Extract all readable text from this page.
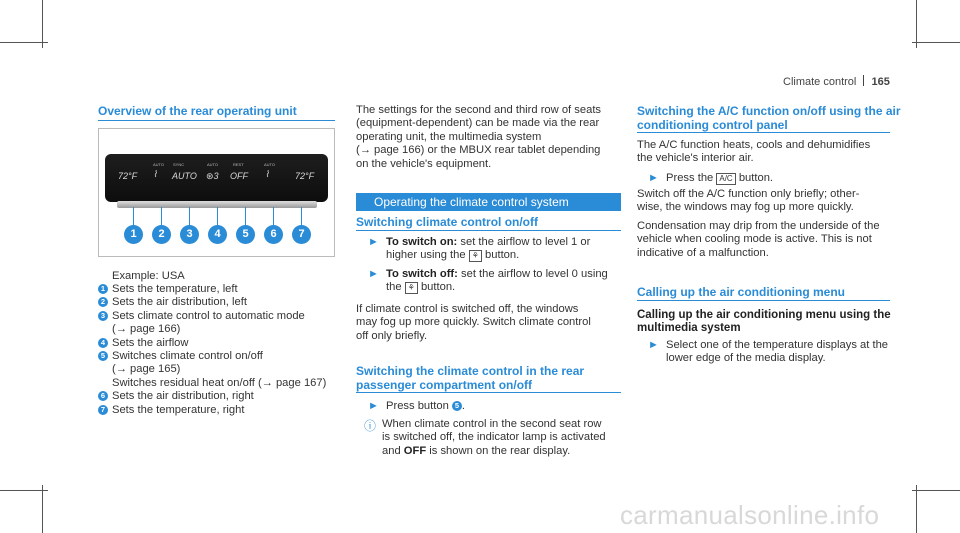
Climate control 165
Overview of the rear operating unit
72°F
AUTO
⌇
SYNC
AUTO
AUTO
⊛3
REST
OFF
AUTO
⌇	72°F
1	2	3	4	5	6	7
Example: USA
1 Sets the temperature, left
2 Sets the air distribution, left
3 Sets climate control to automatic mode
(→ page 166)
4 Sets the airflow
5 Switches climate control on/off
(→ page 165)
Switches residual heat on/off (→ page 167)
6 Sets the air distribution, right
7 Sets the temperature, right
The settings for the second and third row of seats
(equipment-dependent) can be made via the rear
operating unit, the multimedia system
(→ page 166) or the MBUX rear tablet depending
on the vehicle's equipment.
Operating the climate control system
Switching climate control on/off
► To switch on: set the airflow to level 1 or
higher using the ⚘ button.
► To switch off: set the airflow to level 0 using
the ⚘ button.
If climate control is switched off, the windows
may fog up more quickly. Switch climate control
off only briefly.
Switching the climate control in the rear
passenger compartment on/off
► Press button 5 .
ⓘ When climate control in the second seat row
is switched off, the indicator lamp is activated
and OFF is shown on the rear display.
Switching the A/C function on/off using the air
conditioning control panel
The A/C function heats, cools and dehumidifies
the vehicle's interior air.
► Press the A/C button.
Switch off the A/C function only briefly; other-
wise, the windows may fog up more quickly.
Condensation may drip from the underside of the
vehicle when cooling mode is active. This is not
indicative of a malfunction.
Calling up the air conditioning menu
Calling up the air conditioning menu using the
multimedia system
► Select one of the temperature displays at the
lower edge of the media display.
carmanualsonline.info
